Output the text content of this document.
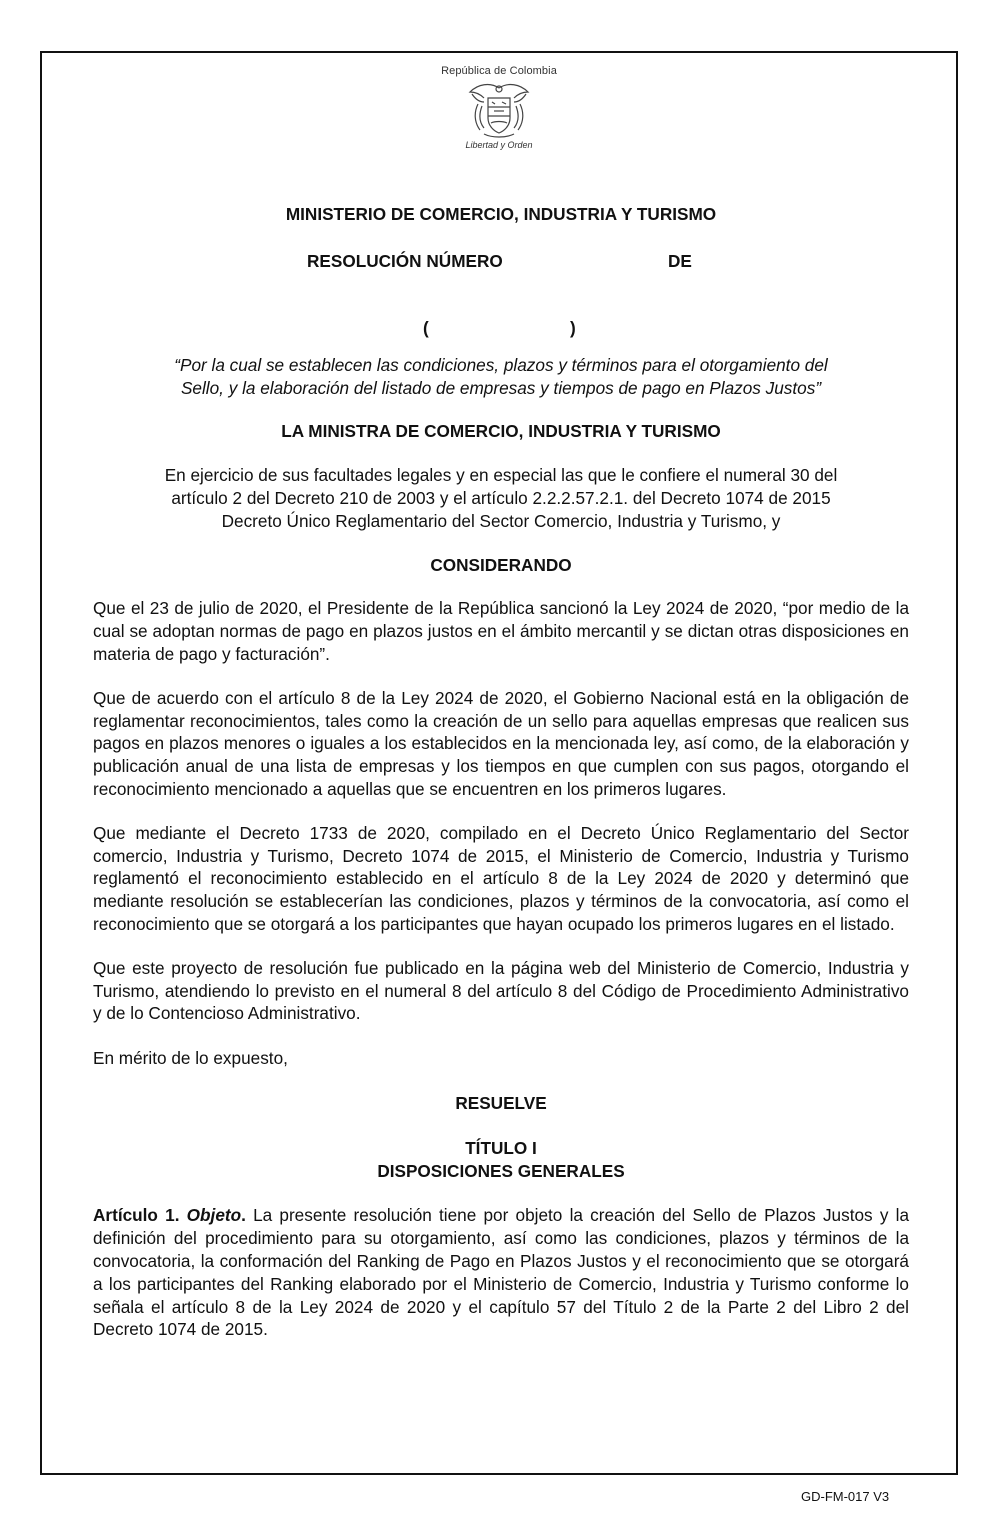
República de Colombia
Libertad y Orden

MINISTERIO DE COMERCIO, INDUSTRIA Y TURISMO

RESOLUCIÓN NÚMERO	DE
(	)
“Por la cual se establecen las condiciones, plazos y términos para el otorgamiento del
Sello, y la elaboración del listado de empresas y tiempos de pago en Plazos Justos”

LA MINISTRA DE COMERCIO, INDUSTRIA Y TURISMO

En ejercicio de sus facultades legales y en especial las que le confiere el numeral 30 del
artículo 2 del Decreto 210 de 2003 y el artículo 2.2.2.57.2.1. del Decreto 1074 de 2015
Decreto Único Reglamentario del Sector Comercio, Industria y Turismo, y

CONSIDERANDO

Que el 23 de julio de 2020, el Presidente de la República sancionó la Ley 2024 de 2020, “por medio de la cual se adoptan normas de pago en plazos justos en el ámbito mercantil y se dictan otras disposiciones en materia de pago y facturación”.

Que de acuerdo con el artículo 8 de la Ley 2024 de 2020, el Gobierno Nacional está en la obligación de reglamentar reconocimientos, tales como la creación de un sello para aquellas empresas que realicen sus pagos en plazos menores o iguales a los establecidos en la mencionada ley, así como, de la elaboración y publicación anual de una lista de empresas y los tiempos en que cumplen con sus pagos, otorgando el reconocimiento mencionado a aquellas que se encuentren en los primeros lugares.

Que mediante el Decreto 1733 de 2020, compilado en el Decreto Único Reglamentario del Sector comercio, Industria y Turismo, Decreto 1074 de 2015, el Ministerio de Comercio, Industria y Turismo reglamentó el reconocimiento establecido en el artículo 8 de la Ley 2024 de 2020 y determinó que mediante resolución se establecerían las condiciones, plazos y términos de la convocatoria, así como el reconocimiento que se otorgará a los participantes que hayan ocupado los primeros lugares en el listado.

Que este proyecto de resolución fue publicado en la página web del Ministerio de Comercio, Industria y Turismo, atendiendo lo previsto en el numeral 8 del artículo 8 del Código de Procedimiento Administrativo y de lo Contencioso Administrativo.

En mérito de lo expuesto,

RESUELVE

TÍTULO I
DISPOSICIONES GENERALES

Artículo 1. Objeto. La presente resolución tiene por objeto la creación del Sello de Plazos Justos y la definición del procedimiento para su otorgamiento, así como las condiciones, plazos y términos de la convocatoria, la conformación del Ranking de Pago en Plazos Justos y el reconocimiento que se otorgará a los participantes del Ranking elaborado por el Ministerio de Comercio, Industria y Turismo conforme lo señala el artículo 8 de la Ley 2024 de 2020 y el capítulo 57 del Título 2 de la Parte 2 del Libro 2 del Decreto 1074 de 2015.

GD-FM-017 V3
